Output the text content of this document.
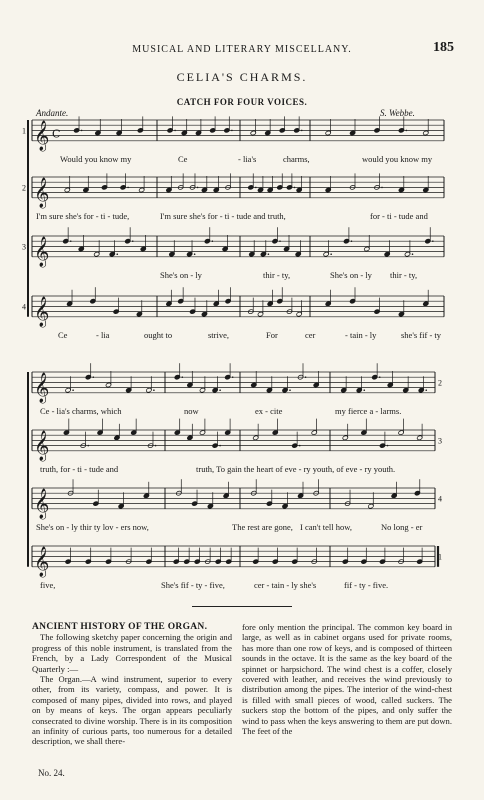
MUSICAL AND LITERARY MISCELLANY.	185
CELIA'S CHARMS.
CATCH FOR FOUR VOICES.
Andante.	S. Webbe.
𝄞 C
1
𝄞
2
𝄞
3
𝄞
4
𝄞	2
𝄞	3
𝄞	4
𝄞	1
Would you know my	Ce	- lia's	charms,	would you know my
I'm sure she's for - ti - tude,	I'm sure she's for - ti - tude and truth,	for - ti - tude and
She's on - ly	thir - ty,	She's on - ly thir - ty,
Ce	- lia	ought to	strive,	For	cer	- tain - ly	she's fif - ty
Ce - lia's charms, which	now	ex - cite	my fierce a - larms.
truth, for - ti - tude and	truth, To gain the heart of eve - ry youth, of eve - ry youth.
She's on - ly thir ty lov - ers now,	The rest are gone, I can't tell how,	No long - er
five,	She's fif - ty - five,	cer - tain - ly she's	fif - ty - five.

ANCIENT HISTORY OF THE ORGAN.

The following sketchy paper concerning the origin and progress of this noble instrument, is translated from the French, by a Lady Correspondent of the Musical Quarterly :—

The Organ.—A wind instrument, superior to every other, from its variety, compass, and power. It is composed of many pipes, divided into rows, and played on by means of keys. The organ appears peculiarly consecrated to divine worship. There is in its composition an infinity of curious parts, too numerous for a detailed description, we shall there-

fore only mention the principal. The common key board in large, as well as in cabinet organs used for private rooms, has more than one row of keys, and is composed of thirteen sounds in the octave. It is the same as the key board of the spinnet or harpsichord. The wind chest is a coffer, closely covered with leather, and receives the wind previously to distribution among the pipes. The interior of the wind-chest is filled with small pieces of wood, called suckers. The suckers stop the bottom of the pipes, and only suffer the wind to pass when the keys answering to them are put down. The feet of the

No. 24.
